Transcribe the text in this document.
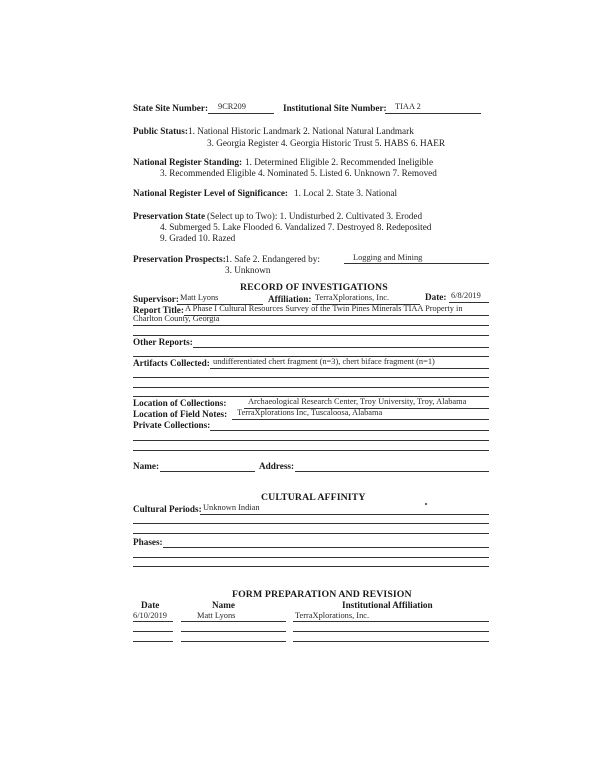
State Site Number: 9CR209	Institutional Site Number: TIAA 2
Public Status: 1. National Historic Landmark 2. National Natural Landmark
3. Georgia Register 4. Georgia Historic Trust 5. HABS 6. HAER
National Register Standing: 1. Determined Eligible 2. Recommended Ineligible
3. Recommended Eligible 4. Nominated 5. Listed 6. Unknown 7. Removed
National Register Level of Significance: 1. Local 2. State 3. National
Preservation State (Select up to Two): 1. Undisturbed 2. Cultivated 3. Eroded
4. Submerged 5. Lake Flooded 6. Vandalized 7. Destroyed 8. Redeposited
9. Graded 10. Razed
Preservation Prospects: 1. Safe 2. Endangered by:	Logging and Mining
3. Unknown
RECORD OF INVESTIGATIONS
Supervisor: Matt Lyons	Affiliation: TerraXplorations, Inc.	Date: 6/8/2019
Report Title: A Phase I Cultural Resources Survey of the Twin Pines Minerals TIAA Property in
Charlton County, Georgia
Other Reports:
Artifacts Collected: undifferentiated chert fragment (n=3), chert biface fragment (n=1)
Location of Collections:	Archaeological Research Center, Troy University, Troy, Alabama
Location of Field Notes: TerraXplorations Inc, Tuscaloosa, Alabama
Private Collections:
Name:	Address:
CULTURAL AFFINITY
Cultural Periods: Unknown Indian
Phases:
FORM PREPARATION AND REVISION
Date	Name	Institutional Affiliation
6/10/2019	Matt Lyons	TerraXplorations, Inc.
